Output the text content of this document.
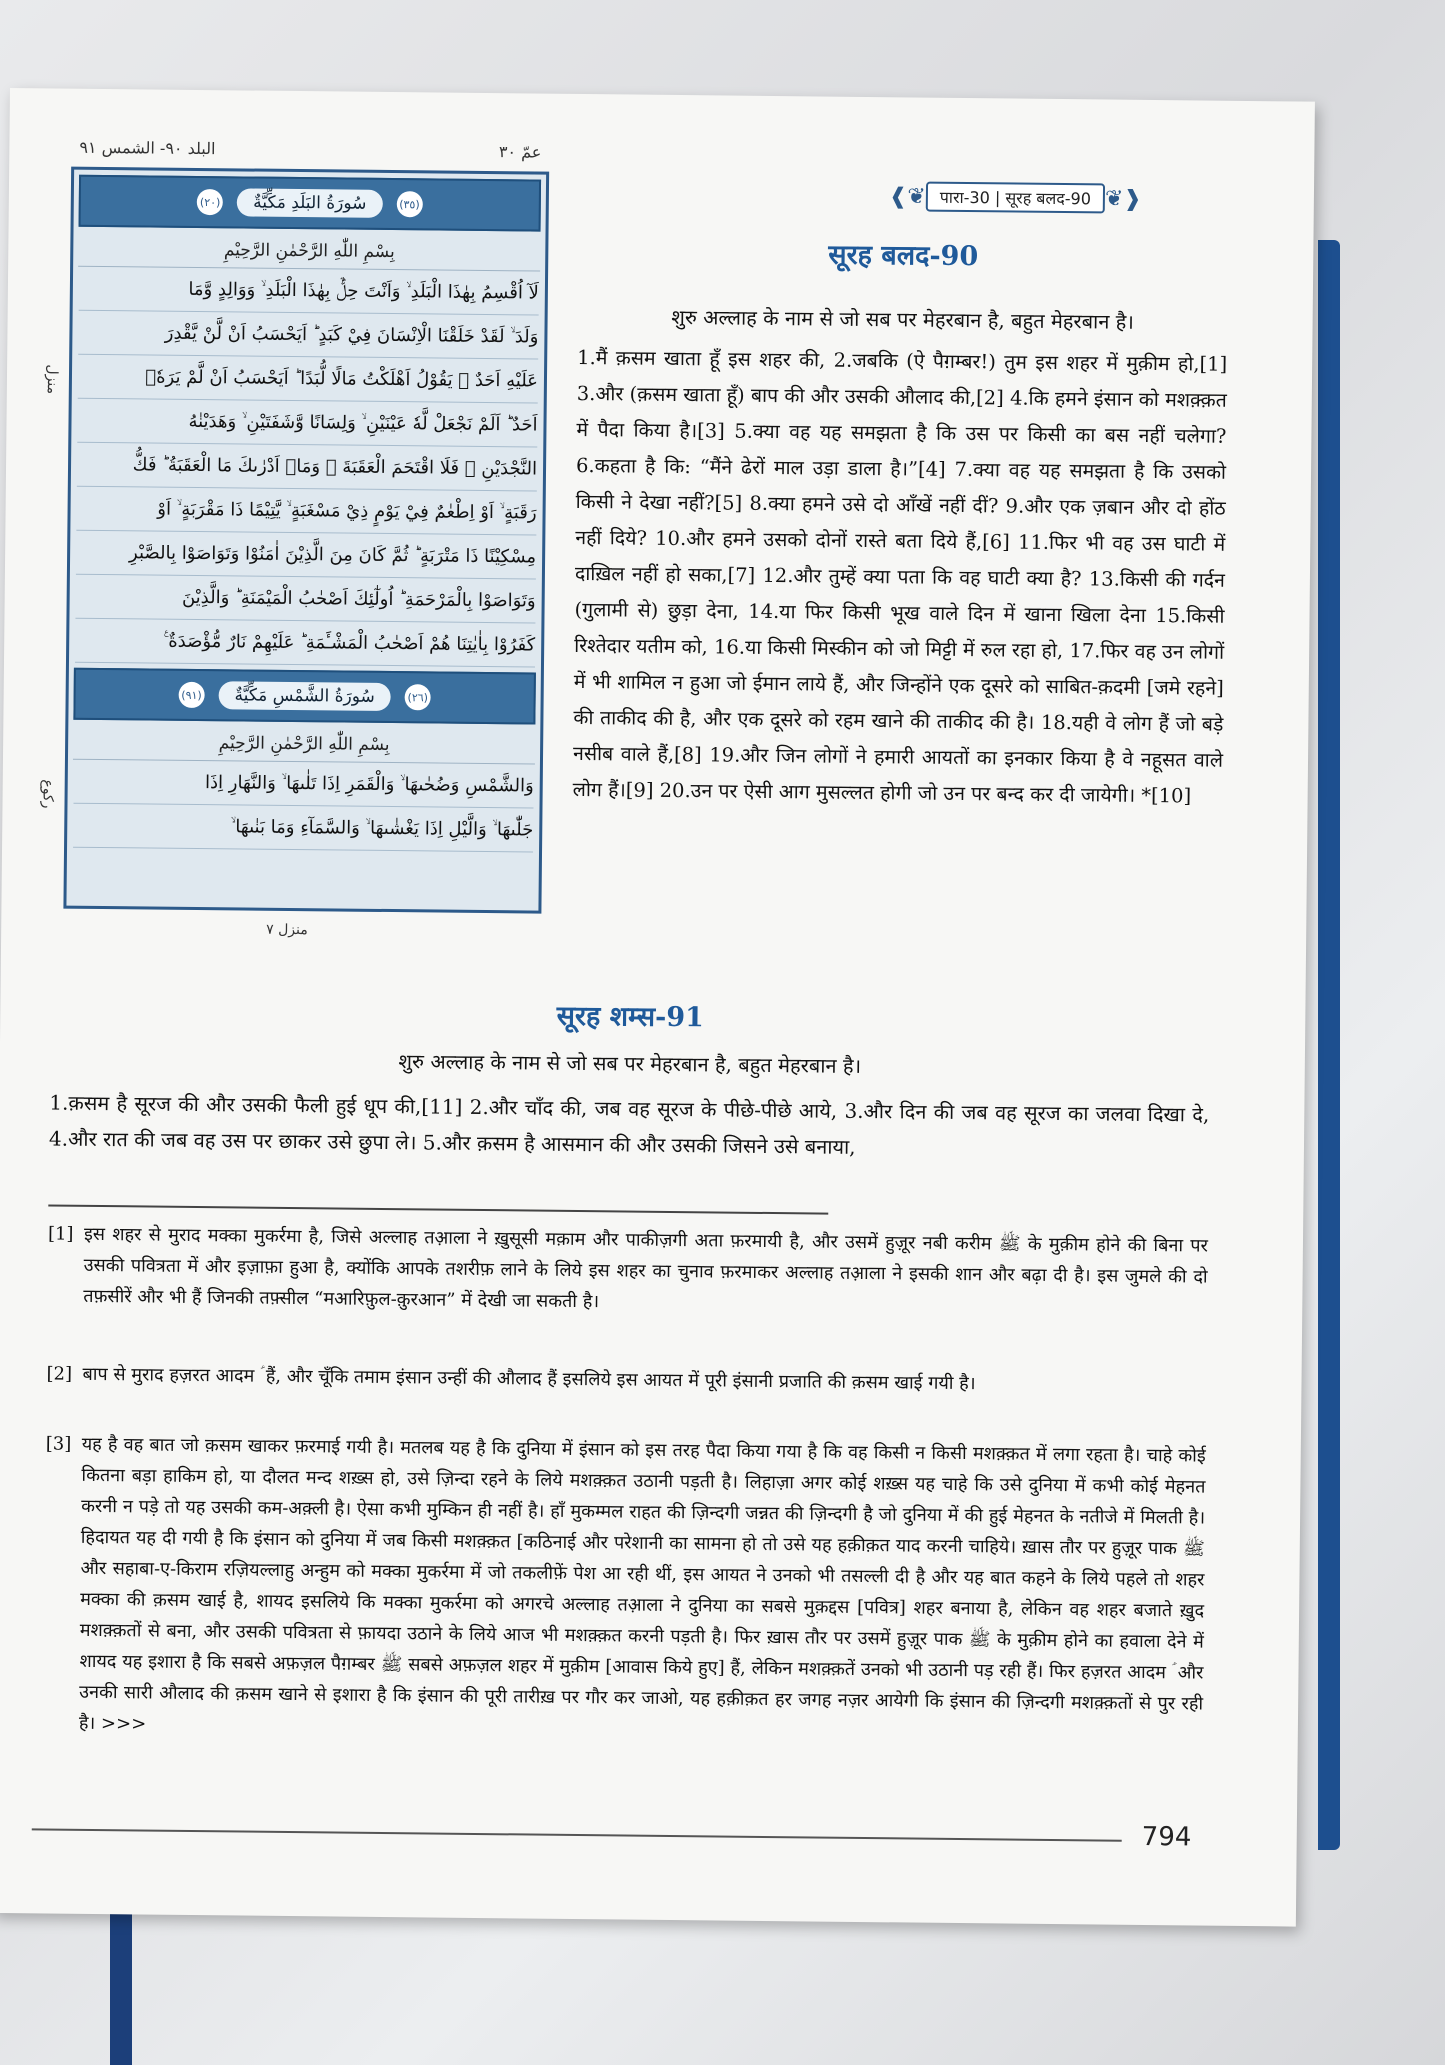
البلد ٩٠- الشمس ٩١	عمّ ٣٠
منزل
ركوع
(٣٥)
سُورَةُ البَلَدِ مَكِّيَّةٌ
(٢٠)
بِسْمِ اللّٰهِ الرَّحْمٰنِ الرَّحِيْمِ
لَآ اُقْسِمُ بِهٰذَا الْبَلَدِ ۙ وَاَنْتَ حِلٌّۢ بِهٰذَا الْبَلَدِ ۙ وَوَالِدٍ وَّمَا
وَلَدَ ۙ لَقَدْ خَلَقْنَا الْاِنْسَانَ فِيْ كَبَدٍ ؕ اَيَحْسَبُ اَنْ لَّنْ يَّقْدِرَ
عَلَيْهِ اَحَدٌ ۘ يَقُوْلُ اَهْلَكْتُ مَالًا لُّبَدًا ؕ اَيَحْسَبُ اَنْ لَّمْ يَرَهٗۤ
اَحَدٌ ؕ اَلَمْ نَجْعَلْ لَّهٗ عَيْنَيْنِ ۙ وَلِسَانًا وَّشَفَتَيْنِ ۙ وَهَدَيْنٰهُ
النَّجْدَيْنِ ۚ فَلَا اقْتَحَمَ الْعَقَبَةَ ۖ وَمَاۤ اَدْرٰىكَ مَا الْعَقَبَةُ ؕ فَكُّ
رَقَبَةٍ ۙ اَوْ اِطْعٰمٌ فِيْ يَوْمٍ ذِيْ مَسْغَبَةٍ ۙ يَّتِيْمًا ذَا مَقْرَبَةٍ ۙ اَوْ
مِسْكِيْنًا ذَا مَتْرَبَةٍ ؕ ثُمَّ كَانَ مِنَ الَّذِيْنَ اٰمَنُوْا وَتَوَاصَوْا بِالصَّبْرِ
وَتَوَاصَوْا بِالْمَرْحَمَةِ ؕ اُولٰٓئِكَ اَصْحٰبُ الْمَيْمَنَةِ ؕ وَالَّذِيْنَ
كَفَرُوْا بِاٰيٰتِنَا هُمْ اَصْحٰبُ الْمَشْـَٔمَةِ ؕ عَلَيْهِمْ نَارٌ مُّؤْصَدَةٌ ࣖ
(٢٦)
سُورَةُ الشَّمْسِ مَكِّيَّةٌ
(٩١)
بِسْمِ اللّٰهِ الرَّحْمٰنِ الرَّحِيْمِ
وَالشَّمْسِ وَضُحٰىهَا ۙ وَالْقَمَرِ اِذَا تَلٰىهَا ۙ وَالنَّهَارِ اِذَا
جَلّٰىهَا ۙ وَالَّيْلِ اِذَا يَغْشٰىهَا ۙ وَالسَّمَآءِ وَمَا بَنٰىهَا ۙ
منزل ٧
❰❦ पारा-30 | सूरह बलद-90 ❦❱
सूरह बलद-90
शुरु अल्लाह के नाम से जो सब पर मेहरबान है, बहुत मेहरबान है।
1.मैं क़सम खाता हूँ इस शहर की, 2.जबकि (ऐ पैग़म्बर!) तुम इस शहर में मुक़ीम हो,[1] 3.और (क़सम खाता हूँ) बाप की और उसकी औलाद की,[2] 4.कि हमने इंसान को मशक़्क़त में पैदा किया है।[3] 5.क्या वह यह समझता है कि उस पर किसी का बस नहीं चलेगा? 6.कहता है कि: “मैंने ढेरों माल उड़ा डाला है।”[4] 7.क्या वह यह समझता है कि उसको किसी ने देखा नहीं?[5] 8.क्या हमने उसे दो आँखें नहीं दीं? 9.और एक ज़बान और दो होंठ नहीं दिये? 10.और हमने उसको दोनों रास्ते बता दिये हैं,[6] 11.फिर भी वह उस घाटी में दाख़िल नहीं हो सका,[7] 12.और तुम्हें क्या पता कि वह घाटी क्या है? 13.किसी की गर्दन (गुलामी से) छुड़ा देना, 14.या फिर किसी भूख वाले दिन में खाना खिला देना 15.किसी रिश्तेदार यतीम को, 16.या किसी मिस्कीन को जो मिट्टी में रुल रहा हो, 17.फिर वह उन लोगों में भी शामिल न हुआ जो ईमान लाये हैं, और जिन्होंने एक दूसरे को साबित-क़दमी [जमे रहने] की ताकीद की है, और एक दूसरे को रहम खाने की ताकीद की है। 18.यही वे लोग हैं जो बड़े नसीब वाले हैं,[8] 19.और जिन लोगों ने हमारी आयतों का इनकार किया है वे नहूसत वाले लोग हैं।[9] 20.उन पर ऐसी आग मुसल्लत होगी जो उन पर बन्द कर दी जायेगी। *[10]
सूरह शम्स-91
शुरु अल्लाह के नाम से जो सब पर मेहरबान है, बहुत मेहरबान है।
1.क़सम है सूरज की और उसकी फैली हुई धूप की,[11] 2.और चाँद की, जब वह सूरज के पीछे-पीछे आये, 3.और दिन की जब वह सूरज का जलवा दिखा दे, 4.और रात की जब वह उस पर छाकर उसे छुपा ले। 5.और क़सम है आसमान की और उसकी जिसने उसे बनाया,
[1] इस शहर से मुराद मक्का मुकर्रमा है, जिसे अल्लाह तआ़ला ने ख़ुसूसी मक़ाम और पाकीज़गी अता फ़रमायी है, और उसमें हुज़ूर नबी करीम ﷺ के मुक़ीम होने की बिना पर उसकी पवित्रता में और इज़ाफ़ा हुआ है, क्योंकि आपके तशरीफ़ लाने के लिये इस शहर का चुनाव फ़रमाकर अल्लाह तआ़ला ने इसकी शान और बढ़ा दी है। इस जुमले की दो तफ़सीरें और भी हैं जिनकी तफ़्सील “मआरिफ़ुल-क़ुरआन” में देखी जा सकती है।
[2] बाप से मुराद हज़रत आदम ؑ हैं, और चूँकि तमाम इंसान उन्हीं की औलाद हैं इसलिये इस आयत में पूरी इंसानी प्रजाति की क़सम खाई गयी है।
[3] यह है वह बात जो क़सम खाकर फ़रमाई गयी है। मतलब यह है कि दुनिया में इंसान को इस तरह पैदा किया गया है कि वह किसी न किसी मशक़्क़त में लगा रहता है। चाहे कोई कितना बड़ा हाकिम हो, या दौलत मन्द शख़्स हो, उसे ज़िन्दा रहने के लिये मशक़्क़त उठानी पड़ती है। लिहाज़ा अगर कोई शख़्स यह चाहे कि उसे दुनिया में कभी कोई मेहनत करनी न पड़े तो यह उसकी कम-अक़्ली है। ऐसा कभी मुम्किन ही नहीं है। हाँ मुकम्मल राहत की ज़िन्दगी जन्नत की ज़िन्दगी है जो दुनिया में की हुई मेहनत के नतीजे में मिलती है। हिदायत यह दी गयी है कि इंसान को दुनिया में जब किसी मशक़्क़त [कठिनाई और परेशानी का सामना हो तो उसे यह हक़ीक़त याद करनी चाहिये। ख़ास तौर पर हुज़ूर पाक ﷺ और सहाबा-ए-किराम रज़ियल्लाहु अन्हुम को मक्का मुकर्रमा में जो तकलीफ़ें पेश आ रही थीं, इस आयत ने उनको भी तसल्ली दी है और यह बात कहने के लिये पहले तो शहर मक्का की क़सम खाई है, शायद इसलिये कि मक्का मुकर्रमा को अगरचे अल्लाह तआ़ला ने दुनिया का सबसे मुक़द्दस [पवित्र] शहर बनाया है, लेकिन वह शहर बजाते ख़ुद मशक़्क़तों से बना, और उसकी पवित्रता से फ़ायदा उठाने के लिये आज भी मशक़्क़त करनी पड़ती है। फिर ख़ास तौर पर उसमें हुज़ूर पाक ﷺ के मुक़ीम होने का हवाला देने में शायद यह इशारा है कि सबसे अफ़ज़ल पैग़म्बर ﷺ सबसे अफ़ज़ल शहर में मुक़ीम [आवास किये हुए] हैं, लेकिन मशक़्क़तें उनको भी उठानी पड़ रही हैं। फिर हज़रत आदम ؑ और उनकी सारी औलाद की क़सम खाने से इशारा है कि इंसान की पूरी तारीख़ पर गौर कर जाओ, यह हक़ीक़त हर जगह नज़र आयेगी कि इंसान की ज़िन्दगी मशक़्क़तों से पुर रही है। >>>
794
